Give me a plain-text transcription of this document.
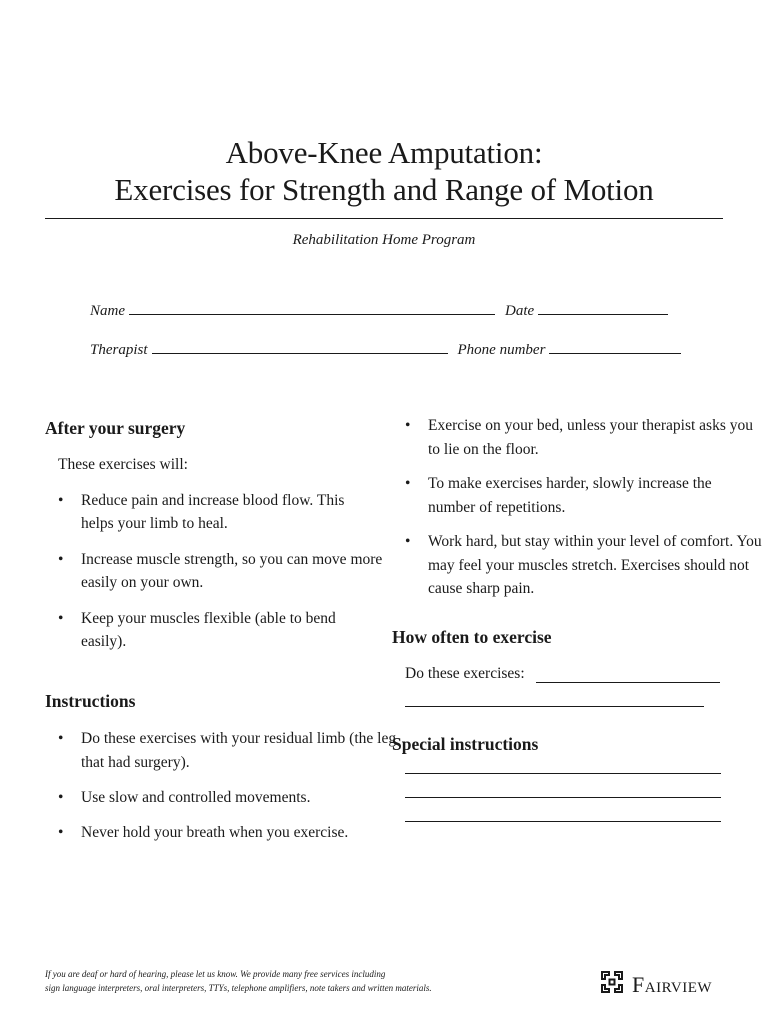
Above-Knee Amputation:
Exercises for Strength and Range of Motion
Rehabilitation Home Program
Name	Date
Therapist	Phone number
After your surgery

These exercises will:

• Reduce pain and increase blood flow. This helps your limb to heal.
• Increase muscle strength, so you can move more easily on your own.
• Keep your muscles flexible (able to bend easily).
Instructions
• Do these exercises with your residual limb (the leg that had surgery).
• Use slow and controlled movements.
• Never hold your breath when you exercise.
• Exercise on your bed, unless your therapist asks you to lie on the floor.
• To make exercises harder, slowly increase the number of repetitions.
• Work hard, but stay within your level of comfort. You may feel your muscles stretch. Exercises should not cause sharp pain.
How often to exercise

Do these exercises:

Special instructions
If you are deaf or hard of hearing, please let us know. We provide many free services including
sign language interpreters, oral interpreters, TTYs, telephone amplifiers, note takers and written materials.	Fairview
